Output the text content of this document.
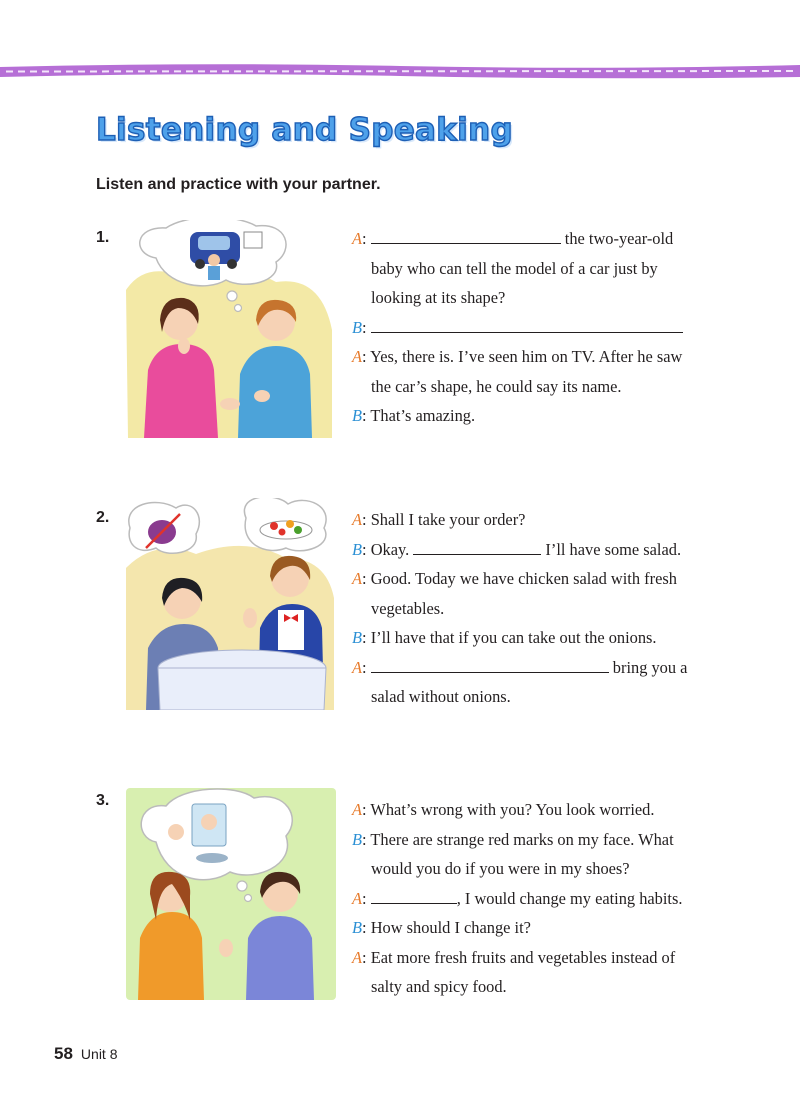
Listening and Speaking
Listen and practice with your partner.
1.	A:	the two-year-old baby who can tell the model of a car just by looking at its shape?
B:
A: Yes, there is. I’ve seen him on TV. After he saw the car’s shape, he could say its name.
B: That’s amazing.
2.	A: Shall I take your order?
B: Okay.	I’ll have some salad.
A: Good. Today we have chicken salad with fresh vegetables.
B: I’ll have that if you can take out the onions.
A:	bring you a salad without onions.
3.	A: What’s wrong with you? You look worried.
B: There are strange red marks on my face. What would you do if you were in my shoes?
A:	, I would change my eating habits.
B: How should I change it?
A: Eat more fresh fruits and vegetables instead of salty and spicy food.
58 Unit 8
